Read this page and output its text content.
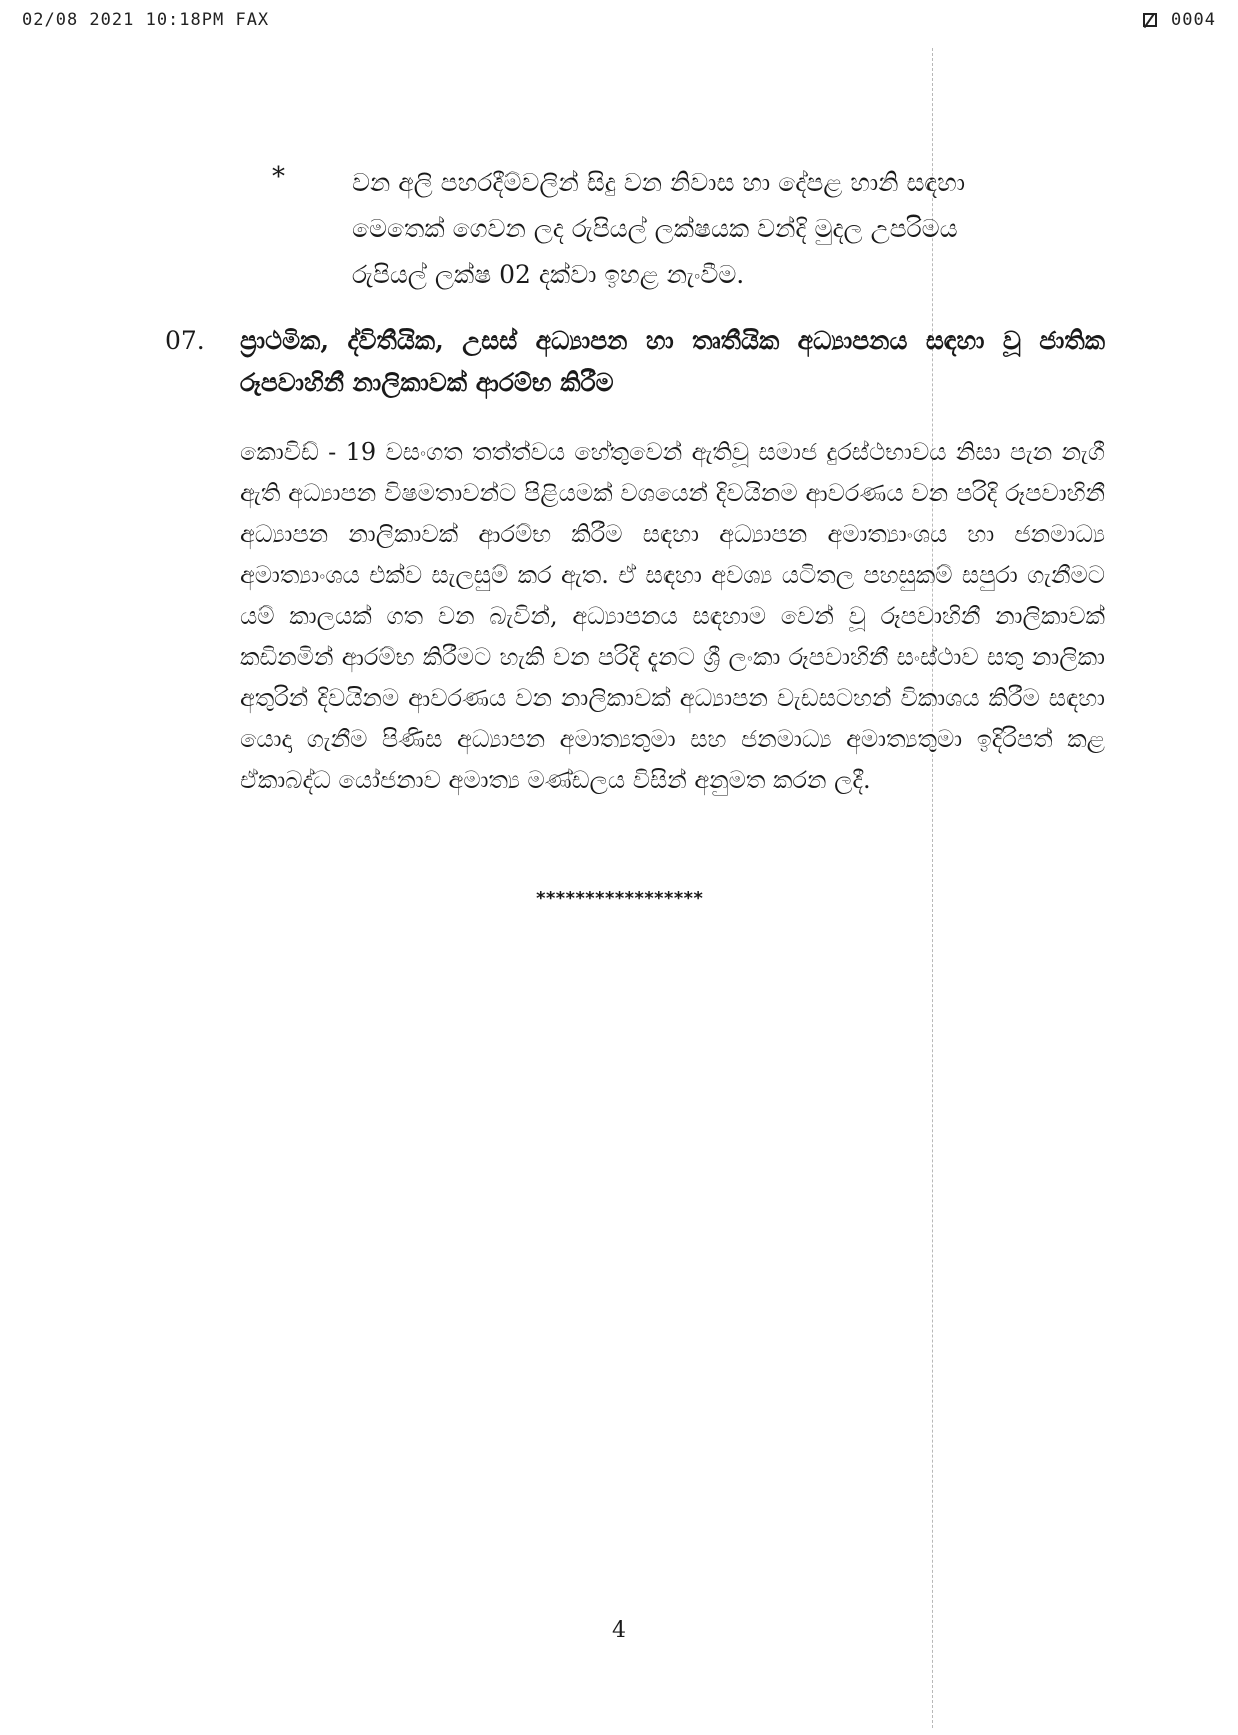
02/08 2021 10:18PM FAX	0004
*	වන අලි පහරදීම්වලින් සිදු වන නිවාස හා දේපළ හානි සඳහා මෙතෙක් ගෙවන ලද රුපියල් ලක්ෂයක වන්දි මුදල උපරිමය රුපියල් ලක්ෂ 02 දක්වා ඉහළ නැංවීම.
07. ප්‍රාථමික, ද්විතීයික, උසස් අධ්‍යාපන හා තෘතීයික අධ්‍යාපනය සඳහා වූ ජාතික රූපවාහිනී නාලිකාවක් ආරම්භ කිරීම
කොවිඩ් - 19 වසංගත තත්ත්වය හේතුවෙන් ඇතිවූ සමාජ දුරස්ථභාවය නිසා පැන නැගී ඇති අධ්‍යාපන විෂමතාවන්ට පිළියමක් වශයෙන් දිවයිනම ආවරණය වන පරිදි රූපවාහිනී අධ්‍යාපන නාලිකාවක් ආරම්භ කිරීම සඳහා අධ්‍යාපන අමාත්‍යාංශය හා ජනමාධ්‍ය අමාත්‍යාංශය එක්ව සැලසුම් කර ඇත. ඒ සඳහා අවශ්‍ය යටිතල පහසුකම් සපුරා ගැනීමට යම් කාලයක් ගත වන බැවින්, අධ්‍යාපනය සඳහාම වෙන් වූ රූපවාහිනී නාලිකාවක් කඩිනමින් ආරම්භ කිරීමට හැකි වන පරිදි දැනට ශ්‍රී ලංකා රූපවාහිනී සංස්ථාව සතු නාලිකා අතුරින් දිවයිනම ආවරණය වන නාලිකාවක් අධ්‍යාපන වැඩසටහන් විකාශය කිරීම සඳහා යොදා ගැනීම පිණිස අධ්‍යාපන අමාත්‍යතුමා සහ ජනමාධ්‍ය අමාත්‍යතුමා ඉදිරිපත් කළ ඒකාබද්ධ යෝජනාව අමාත්‍ය මණ්ඩලය විසින් අනුමත කරන ලදී.
*****************
4
